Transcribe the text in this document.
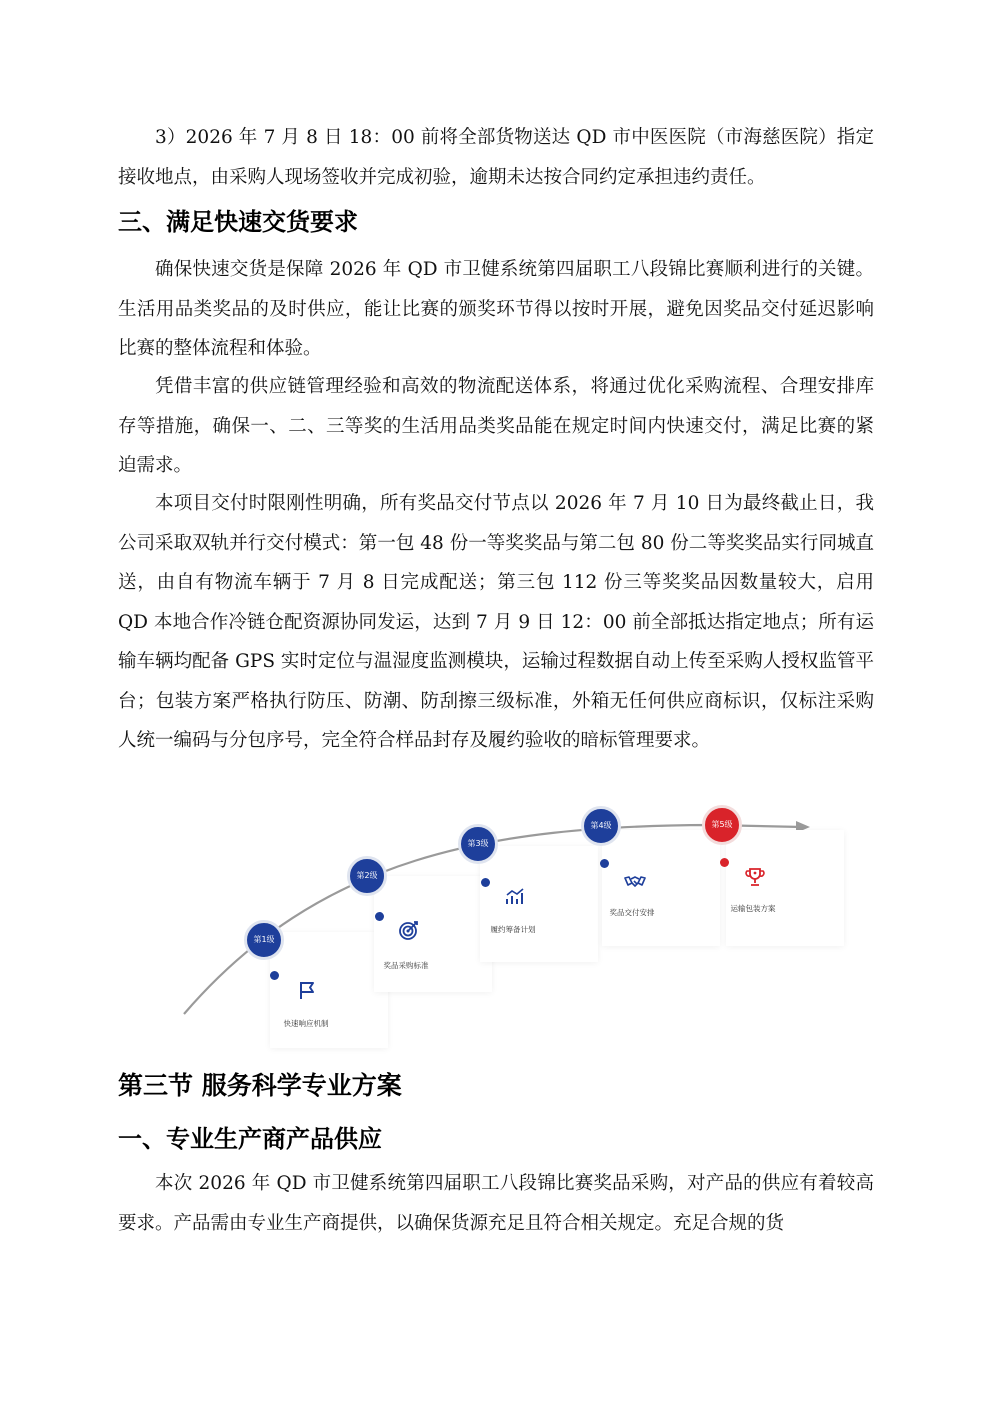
3）2026 年 7 月 8 日 18：00 前将全部货物送达 QD 市中医医院（市海慈医院）指定接收地点，由采购人现场签收并完成初验，逾期未达按合同约定承担违约责任。

三、满足快速交货要求

确保快速交货是保障 2026 年 QD 市卫健系统第四届职工八段锦比赛顺利进行的关键。生活用品类奖品的及时供应，能让比赛的颁奖环节得以按时开展，避免因奖品交付延迟影响比赛的整体流程和体验。

凭借丰富的供应链管理经验和高效的物流配送体系，将通过优化采购流程、合理安排库存等措施，确保一、二、三等奖的生活用品类奖品能在规定时间内快速交付，满足比赛的紧迫需求。

本项目交付时限刚性明确，所有奖品交付节点以 2026 年 7 月 10 日为最终截止日，我公司采取双轨并行交付模式：第一包 48 份一等奖奖品与第二包 80 份二等奖奖品实行同城直送，由自有物流车辆于 7 月 8 日完成配送；第三包 112 份三等奖奖品因数量较大，启用 QD 本地合作冷链仓配资源协同发运，达到 7 月 9 日 12：00 前全部抵达指定地点；所有运输车辆均配备 GPS 实时定位与温湿度监测模块，运输过程数据自动上传至采购人授权监管平台；包装方案严格执行防压、防潮、防刮擦三级标准，外箱无任何供应商标识，仅标注采购人统一编码与分包序号，完全符合样品封存及履约验收的暗标管理要求。

第1级
快速响应机制
第2级
奖品采购标准
第3级
履约筹备计划
第4级
奖品交付安排
第5级
运输包装方案
第三节 服务科学专业方案
一、专业生产商产品供应

本次 2026 年 QD 市卫健系统第四届职工八段锦比赛奖品采购，对产品的供应有着较高要求。产品需由专业生产商提供，以确保货源充足且符合相关规定。充足合规的货
